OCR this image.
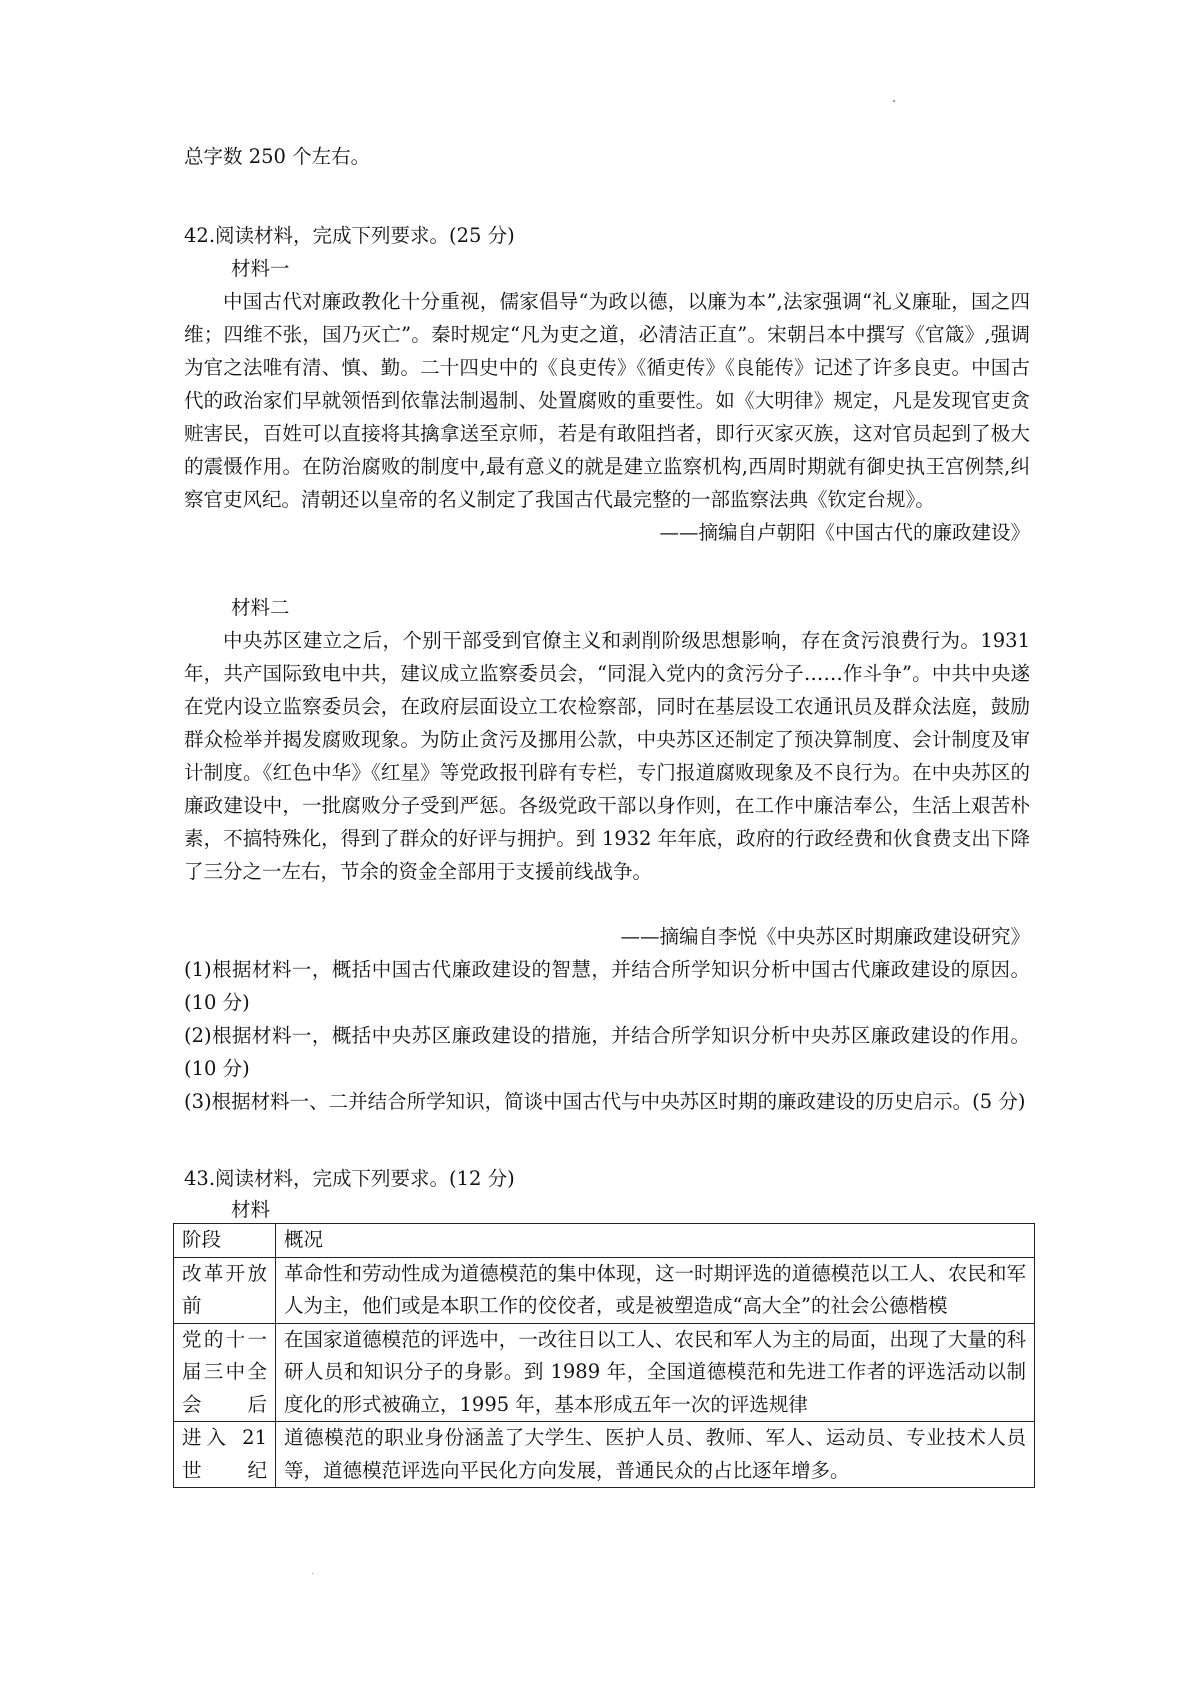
总字数 250 个左右。

42.阅读材料，完成下列要求。(25 分)

材料一

中国古代对廉政教化十分重视，儒家倡导“为政以德，以廉为本”,法家强调“礼义廉耻，国之四维；四维不张，国乃灭亡”。秦时规定“凡为吏之道，必清洁正直”。宋朝吕本中撰写《官箴》,强调为官之法唯有清、慎、勤。二十四史中的《良吏传》《循吏传》《良能传》记述了许多良吏。中国古代的政治家们早就领悟到依靠法制遏制、处置腐败的重要性。如《大明律》规定，凡是发现官吏贪赃害民，百姓可以直接将其擒拿送至京师，若是有敢阻挡者，即行灭家灭族，这对官员起到了极大的震慑作用。在防治腐败的制度中,最有意义的就是建立监察机构,西周时期就有御史执王宫例禁,纠察官吏风纪。清朝还以皇帝的名义制定了我国古代最完整的一部监察法典《钦定台规》。

——摘编自卢朝阳《中国古代的廉政建设》

材料二

中央苏区建立之后，个别干部受到官僚主义和剥削阶级思想影响，存在贪污浪费行为。1931 年，共产国际致电中共，建议成立监察委员会，“同混入党内的贪污分子……作斗争”。中共中央遂在党内设立监察委员会，在政府层面设立工农检察部，同时在基层设工农通讯员及群众法庭，鼓励群众检举并揭发腐败现象。为防止贪污及挪用公款，中央苏区还制定了预决算制度、会计制度及审计制度。《红色中华》《红星》等党政报刊辟有专栏，专门报道腐败现象及不良行为。在中央苏区的廉政建设中，一批腐败分子受到严惩。各级党政干部以身作则，在工作中廉洁奉公，生活上艰苦朴素，不搞特殊化，得到了群众的好评与拥护。到 1932 年年底，政府的行政经费和伙食费支出下降了三分之一左右，节余的资金全部用于支援前线战争。

——摘编自李悦《中央苏区时期廉政建设研究》

(1)根据材料一，概括中国古代廉政建设的智慧，并结合所学知识分析中国古代廉政建设的原因。(10 分)

(2)根据材料一，概括中央苏区廉政建设的措施，并结合所学知识分析中央苏区廉政建设的作用。(10 分)

(3)根据材料一、二并结合所学知识，简谈中国古代与中央苏区时期的廉政建设的历史启示。(5 分)

43.阅读材料，完成下列要求。(12 分)

材料

阶段	概况
改革开放前	革命性和劳动性成为道德模范的集中体现，这一时期评选的道德模范以工人、农民和军人为主，他们或是本职工作的佼佼者，或是被塑造成“高大全”的社会公德楷模
党的十一届三中全会后	在国家道德模范的评选中，一改往日以工人、农民和军人为主的局面，出现了大量的科研人员和知识分子的身影。到 1989 年，全国道德模范和先进工作者的评选活动以制度化的形式被确立，1995 年，基本形成五年一次的评选规律
进入 21 世纪	道德模范的职业身份涵盖了大学生、医护人员、教师、军人、运动员、专业技术人员等，道德模范评选向平民化方向发展，普通民众的占比逐年增多。
